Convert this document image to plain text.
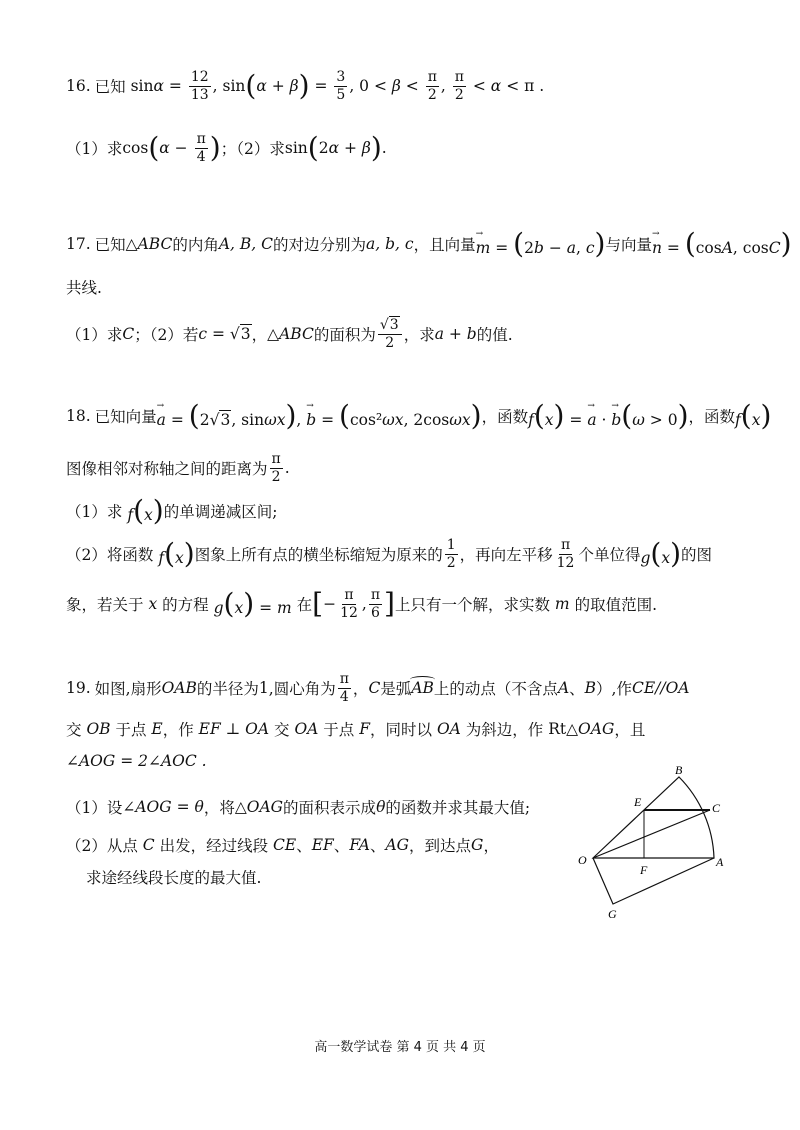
16. 已知 $\sin\alpha = \frac{12}{13}$ , sin ( α + β ) = $\frac{3}{5}$ , $0 < \beta < \frac{\pi}{2}$ , $\frac{\pi}{2} < \alpha < \pi$ .
（1）求 cos ( $\alpha - \frac{\pi}{4}$ ) ；（2）求 sin ( 2α + β ) .
17. 已知 △ABC 的内角 A, B, C 的对边分别为 a, b, c ，且向量 → m = (2b − a, c) 与向量 → n = (cosA, cosC)
共线.
（1）求 C ；（2）若 c = √3 ， △ABC 的面积为 $\frac{√3}{2}$ ，求 a + b 的值.
18. 已知向量 → a = (2√3, sinωx), → b = (cos²ωx, 2cosωx) ，函数 f(x) = → a · → b(ω > 0) ，函数 f(x)
图像相邻对称轴之间的距离为 $\frac{\pi}{2}$ .
（1）求 f(x) 的单调递减区间;
（2）将函数 f(x) 图象上所有点的横坐标缩短为原来的 $\frac{1}{2}$ ，再向左平移 $\frac{\pi}{12}$ 个单位得 g(x) 的图
象，若关于 x 的方程 g(x) = m 在 [ − $\frac{\pi}{12}$ , $\frac{\pi}{6}$ ] 上只有一个解，求实数 m 的取值范围.
19. 如图,扇形 OAB 的半径为 1 ,圆心角为 $\frac{\pi}{4}$ ， C 是弧 AB 上的动点（不含点 A 、 B ）,作 CE//OA
交 OB 于点 E ，作 EF ⊥ OA 交 OA 于点 F ，同时以 OA 为斜边，作 Rt△OAG ，且
∠AOG = 2∠AOC .
（1）设 ∠AOG = θ ，将 △OAG 的面积表示成 θ 的函数并求其最大值;
（2）从点 C 出发，经过线段 CE 、 EF 、 FA 、 AG ，到达点 G ，
求途经线段长度的最大值.
B
E	C
O
F
A
G
高一数学试卷 第 4 页 共 4 页
